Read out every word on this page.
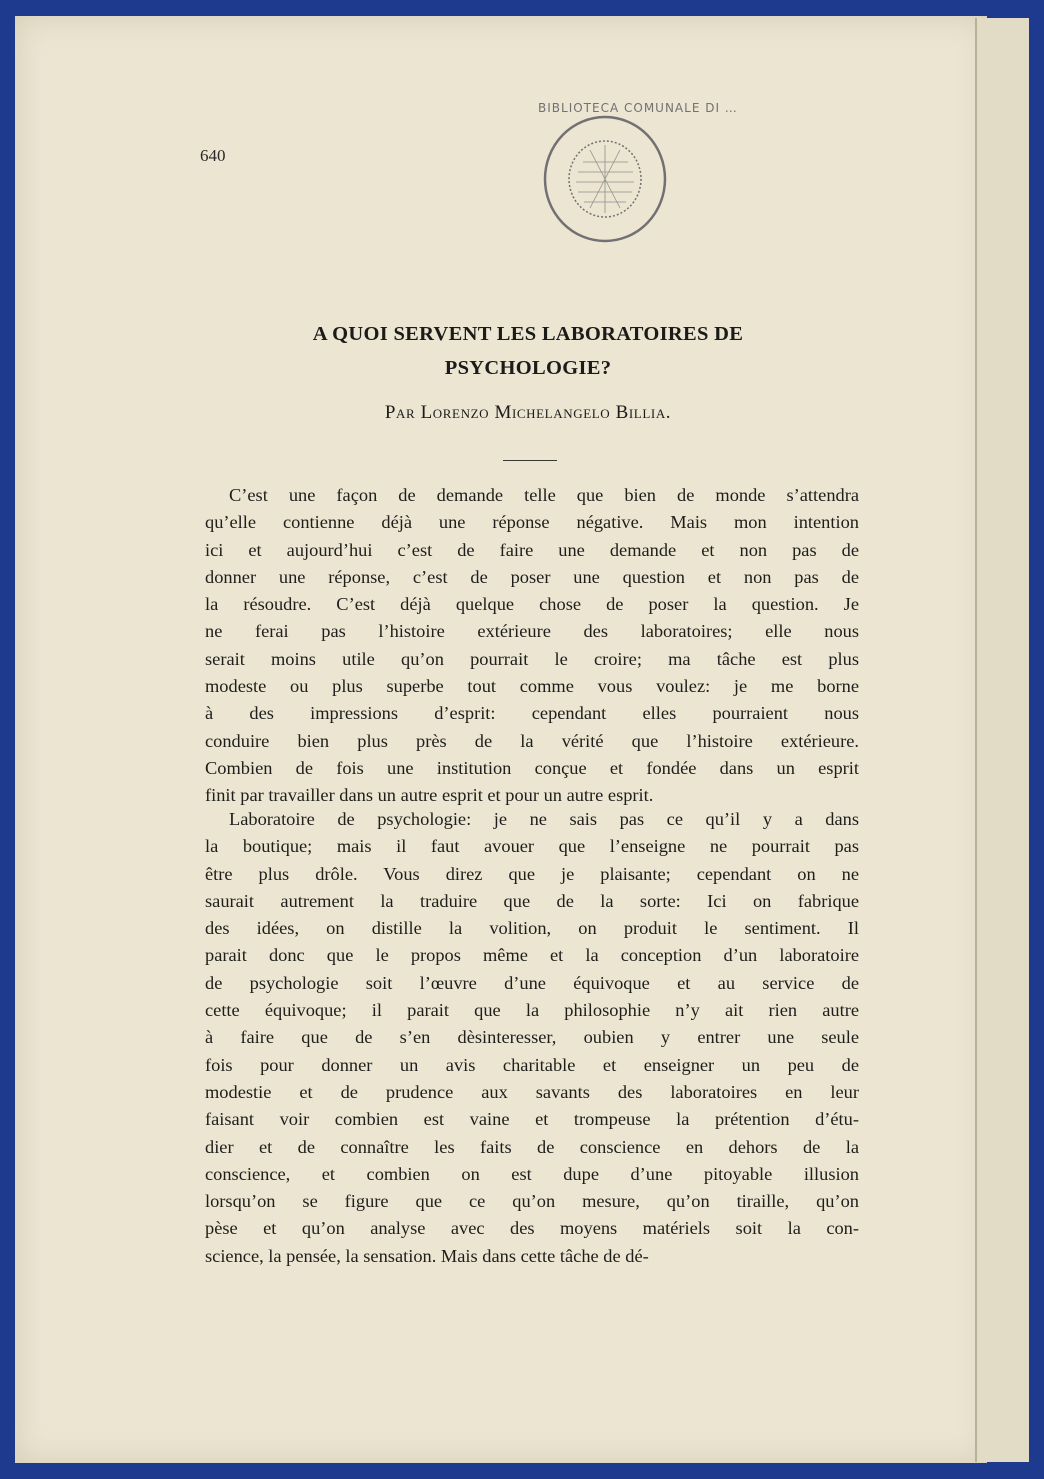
640
BIBLIOTECA COMUNALE DI …
A QUOI SERVENT LES LABORATOIRES DE
PSYCHOLOGIE?
Par Lorenzo Michelangelo Billia.
C’est une façon de demande telle que bien de monde s’attendra
qu’elle contienne déjà une réponse négative. Mais mon intention
ici et aujourd’hui c’est de faire une demande et non pas de
donner une réponse, c’est de poser une question et non pas de
la résoudre. C’est déjà quelque chose de poser la question. Je
ne ferai pas l’histoire extérieure des laboratoires; elle nous
serait moins utile qu’on pourrait le croire; ma tâche est plus
modeste ou plus superbe tout comme vous voulez: je me borne
à des impressions d’esprit: cependant elles pourraient nous
conduire bien plus près de la vérité que l’histoire extérieure.
Combien de fois une institution conçue et fondée dans un esprit
finit par travailler dans un autre esprit et pour un autre esprit.
Laboratoire de psychologie: je ne sais pas ce qu’il y a dans
la boutique; mais il faut avouer que l’enseigne ne pourrait pas
être plus drôle. Vous direz que je plaisante; cependant on ne
saurait autrement la traduire que de la sorte: Ici on fabrique
des idées, on distille la volition, on produit le sentiment. Il
parait donc que le propos même et la conception d’un laboratoire
de psychologie soit l’œuvre d’une équivoque et au service de
cette équivoque; il parait que la philosophie n’y ait rien autre
à faire que de s’en dèsinteresser, oubien y entrer une seule
fois pour donner un avis charitable et enseigner un peu de
modestie et de prudence aux savants des laboratoires en leur
faisant voir combien est vaine et trompeuse la prétention d’étu-
dier et de connaître les faits de conscience en dehors de la
conscience, et combien on est dupe d’une pitoyable illusion
lorsqu’on se figure que ce qu’on mesure, qu’on tiraille, qu’on
pèse et qu’on analyse avec des moyens matériels soit la con-
science, la pensée, la sensation. Mais dans cette tâche de dé-
